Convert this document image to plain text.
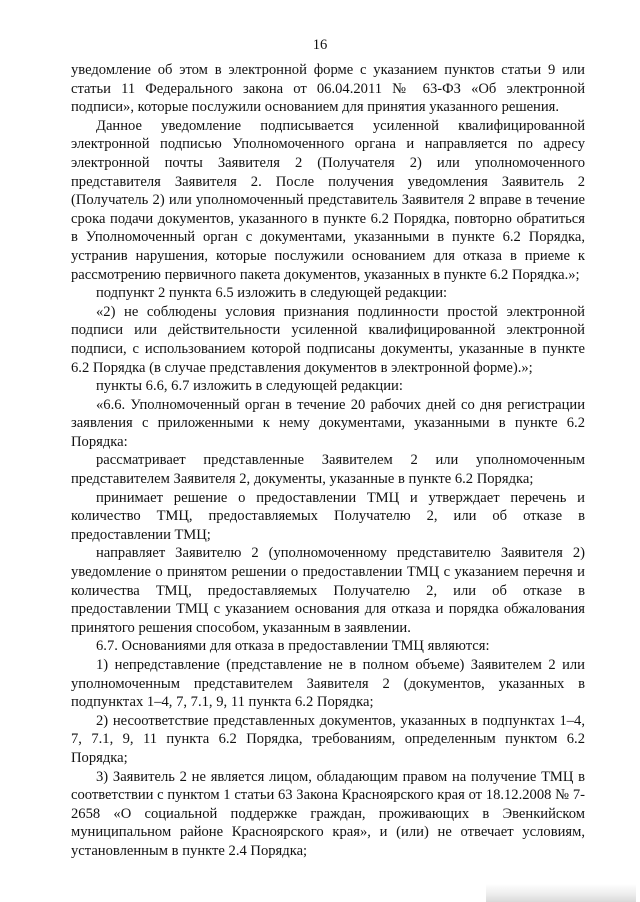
16

уведомление об этом в электронной форме с указанием пунктов статьи 9 или статьи 11 Федерального закона от 06.04.2011 № 63-ФЗ «Об электронной подписи», которые послужили основанием для принятия указанного решения.

Данное уведомление подписывается усиленной квалифицированной электронной подписью Уполномоченного органа и направляется по адресу электронной почты Заявителя 2 (Получателя 2) или уполномоченного представителя Заявителя 2. После получения уведомления Заявитель 2 (Получатель 2) или уполномоченный представитель Заявителя 2 вправе в течение срока подачи документов, указанного в пункте 6.2 Порядка, повторно обратиться в Уполномоченный орган с документами, указанными в пункте 6.2 Порядка, устранив нарушения, которые послужили основанием для отказа в приеме к рассмотрению первичного пакета документов, указанных в пункте 6.2 Порядка.»;

подпункт 2 пункта 6.5 изложить в следующей редакции:

«2) не соблюдены условия признания подлинности простой электронной подписи или действительности усиленной квалифицированной электронной подписи, с использованием которой подписаны документы, указанные в пункте 6.2 Порядка (в случае представления документов в электронной форме).»;

пункты 6.6, 6.7 изложить в следующей редакции:

«6.6. Уполномоченный орган в течение 20 рабочих дней со дня регистрации заявления с приложенными к нему документами, указанными в пункте 6.2 Порядка:

рассматривает представленные Заявителем 2 или уполномоченным представителем Заявителя 2, документы, указанные в пункте 6.2 Порядка;

принимает решение о предоставлении ТМЦ и утверждает перечень и количество ТМЦ, предоставляемых Получателю 2, или об отказе в предоставлении ТМЦ;

направляет Заявителю 2 (уполномоченному представителю Заявителя 2) уведомление о принятом решении о предоставлении ТМЦ с указанием перечня и количества ТМЦ, предоставляемых Получателю 2, или об отказе в предоставлении ТМЦ с указанием основания для отказа и порядка обжалования принятого решения способом, указанным в заявлении.

6.7. Основаниями для отказа в предоставлении ТМЦ являются:

1) непредставление (представление не в полном объеме) Заявителем 2 или уполномоченным представителем Заявителя 2 (документов, указанных в подпунктах 1–4, 7, 7.1, 9, 11 пункта 6.2 Порядка;

2) несоответствие представленных документов, указанных в подпунктах 1–4, 7, 7.1, 9, 11 пункта 6.2 Порядка, требованиям, определенным пунктом 6.2 Порядка;

3) Заявитель 2 не является лицом, обладающим правом на получение ТМЦ в соответствии с пунктом 1 статьи 63 Закона Красноярского края от 18.12.2008 № 7-2658 «О социальной поддержке граждан, проживающих в Эвенкийском муниципальном районе Красноярского края», и (или) не отвечает условиям, установленным в пункте 2.4 Порядка;
